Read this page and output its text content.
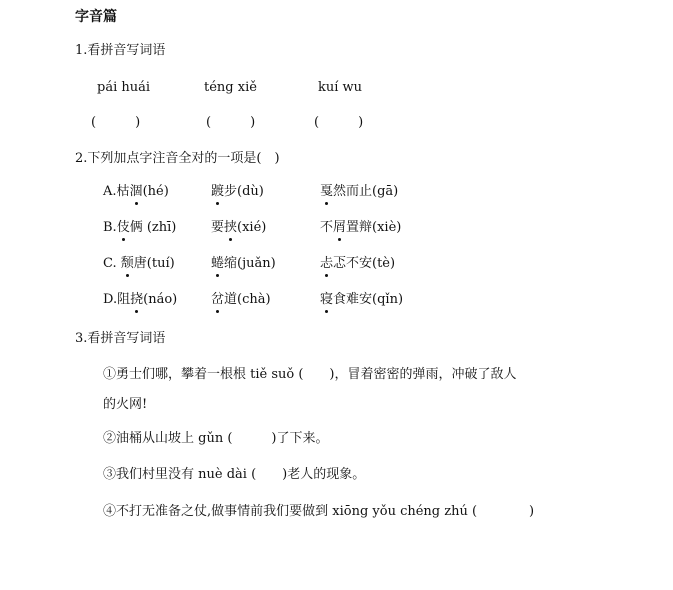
字音篇
1.看拼音写词语
pái huái	téng xiě	kuí wu
(　　　)	(　　　)	(　　　)
2.下列加点字注音全对的一项是(　)
A.枯涸(hé)	踱步(dù)	戛然而止(gā)
B.伎俩 (zhī)	要挟(xié)	不屑置辩(xiè)
C. 颓唐(tuí)	蜷缩(juǎn)	忐忑不安(tè)
D.阻挠(náo)	岔道(chà)	寝食难安(qǐn)
3.看拼音写词语
①勇士们哪，攀着一根根 tiě suǒ (　　)，冒着密密的弹雨，冲破了敌人
的火网!
②油桶从山坡上 gǔn (　　　)了下来。
③我们村里没有 nuè dài (　　)老人的现象。
④不打无准备之仗,做事情前我们要做到 xiōng yǒu chéng zhú (　　　　)
